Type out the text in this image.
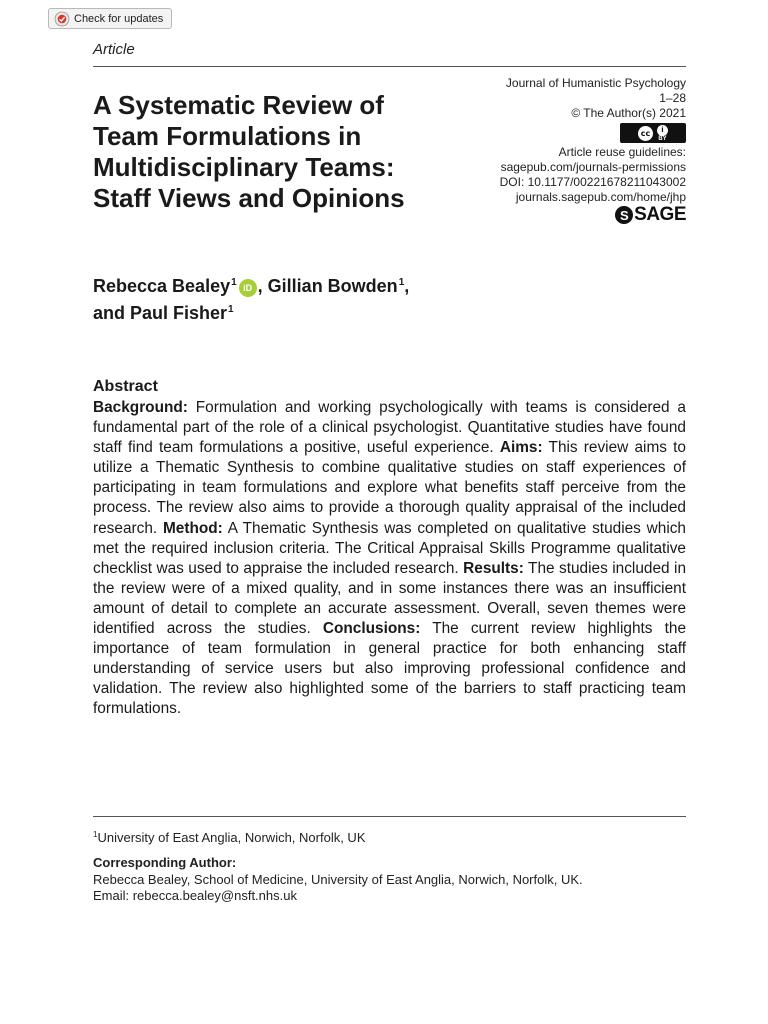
Check for updates
Article
A Systematic Review of
Team Formulations in
Multidisciplinary Teams:
Staff Views and Opinions
Journal of Humanistic Psychology
1–28
© The Author(s) 2021
cc	i
BY
Article reuse guidelines:
sagepub.com/journals-permissions
DOI: 10.1177/00221678211043002
journals.sagepub.com/home/jhp
S SAGE
Rebecca Bealey$^1$ iD , Gillian Bowden$^1$,
and Paul Fisher$^1$
Abstract

Background: Formulation and working psychologically with teams is considered a fundamental part of the role of a clinical psychologist. Quantitative studies have found staff find team formulations a positive, useful experience. Aims: This review aims to utilize a Thematic Synthesis to combine qualitative studies on staff experiences of participating in team formulations and explore what benefits staff perceive from the process. The review also aims to provide a thorough quality appraisal of the included research. Method: A Thematic Synthesis was completed on qualitative studies which met the required inclusion criteria. The Critical Appraisal Skills Programme qualitative checklist was used to appraise the included research. Results: The studies included in the review were of a mixed quality, and in some instances there was an insufficient amount of detail to complete an accurate assessment. Overall, seven themes were identified across the studies. Conclusions: The current review highlights the importance of team formulation in general practice for both enhancing staff understanding of service users but also improving professional confidence and validation. The review also highlighted some of the barriers to staff practicing team formulations.

$^1$University of East Anglia, Norwich, Norfolk, UK
Corresponding Author:
Rebecca Bealey, School of Medicine, University of East Anglia, Norwich, Norfolk, UK.
Email: rebecca.bealey@nsft.nhs.uk
